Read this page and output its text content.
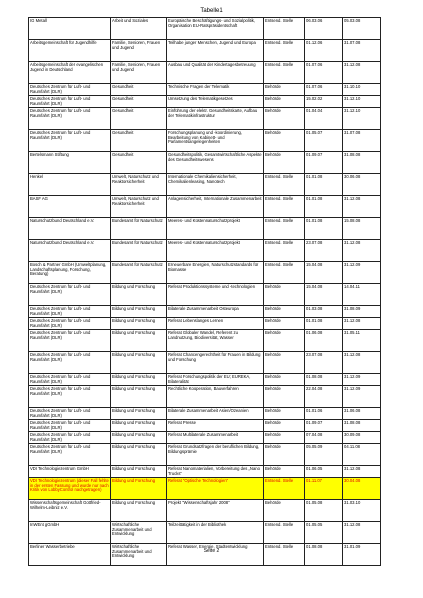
Tabelle1
IG Metall	Arbeit und Soziales	Europäische Beschäftigungs- und Sozialpolitik, Organisation EU-Ratspräsidentschaft	Entsend. Stelle	06.03.06	05.03.08
Arbeitsgemeinschaft für Jugendhilfe	Familie, Senioren, Frauen und Jugend	Teilhabe junger Menschen, Jugend und Europa	Entsend. Stelle	01.12.06	31.07.08
Arbeitsgemeinschaft der evangelischen Jugend in Deutschland	Familie, Senioren, Frauen und Jugend	Ausbau und Qualität der Kindertagesbetreuung	Entsend. Stelle	01.07.06	31.12.08
Deutsches Zentrum für Luft- und Raumfahrt (DLR)	Gesundheit	Technische Fragen der Telematik	Behörde	01.07.06	31.10.10
Deutsches Zentrum für Luft- und Raumfahrt (DLR)	Gesundheit	Umsetzung des Telematikgesetzes	Behörde	15.02.02	31.12.10
Deutsches Zentrum für Luft- und Raumfahrt (DLR)	Gesundheit	Einführung der elektr. Gesundheitskarte, Aufbau der Telematikinfrastruktur	Behörde	01.04.04	31.12.10
Deutsches Zentrum für Luft- und Raumfahrt (DLR)	Gesundheit	Forschungsplanung und -koordinierung, Bearbeitung von Kabinett- und Parlamentsangelegenheiten	Behörde	01.05.07	31.07.08
Bertelsmann Stiftung	Gesundheit	Gesundheitspolitik, Gesamtwirtschaftliche Aspekte des Gesundheitswesens	Behörde	01.09.07	31.08.08
Henkel	Umwelt, Naturschutz und Reaktorsicherheit	Internationale Chemikaliensicherheit, Chemikalienleasing, Nanotech	Entsend. Stelle	01.01.08	30.06.08
BASF AG	Umwelt, Naturschutz und Reaktorsicherheit	Anlagensicherheit, Internationale Zusammenarbeit	Entsend. Stelle	01.01.08	31.12.08
Naturschutzbund Deutschland e.V.	Bundesamt für Naturschutz	Meeres- und Küstennaturschutzprojekt	Entsend. Stelle	01.01.08	15.08.08
Naturschutzbund Deutschland e.V.	Bundesamt für Naturschutz	Meeres- und Küstennaturschutzprojekt	Entsend. Stelle	23.07.08	31.12.08
Bosch & Partner GmbH (Umweltplanung, Landschaftsplanung, Forschung, Beratung)	Bundesamt für Naturschutz	Erneuerbare Energien, Naturschutzstandards für Biomasse	Entsend. Stelle	15.04.08	31.12.09
Deutsches Zentrum für Luft- und Raumfahrt (DLR)	Bildung und Forschung	Referat Produktionssysteme und -technologien	Behörde	15.04.08	14.04.11
Deutsches Zentrum für Luft- und Raumfahrt (DLR)	Bildung und Forschung	Bilaterale Zusammenarbeit Osteuropa	Behörde	01.03.08	31.08.09
Deutsches Zentrum für Luft- und Raumfahrt (DLR)	Bildung und Forschung	Referat Lebenslanges Lernen	Behörde	01.01.08	31.12.08
Deutsches Zentrum für Luft- und Raumfahrt (DLR)	Bildung und Forschung	Referat Globaler Wandel, Referent zu Landnutzung, Biodiversität, Wasser	Behörde	01.06.08	31.05.11
Deutsches Zentrum für Luft- und Raumfahrt (DLR)	Bildung und Forschung	Referat Chancengerechtheit für Frauen in Bildung und Forschung	Behörde	23.07.08	31.12.08
Deutsches Zentrum für Luft- und Raumfahrt (DLR)	Bildung und Forschung	Referat Forschungspolitik der EU; EUREKA, Bilateralität	Behörde	01.08.08	31.12.09
Deutsches Zentrum für Luft- und Raumfahrt (DLR)	Bildung und Forschung	Rechtliche Kooperation, Bauverfahren	Behörde	22.04.08	31.12.09
Deutsches Zentrum für Luft- und Raumfahrt (DLR)	Bildung und Forschung	Bilaterale Zusammenarbeit Asien/Ozeanien	Behörde	01.01.06	31.06.08
Deutsches Zentrum für Luft- und Raumfahrt (DLR)	Bildung und Forschung	Referat Presse	Behörde	01.09.07	31.08.08
Deutsches Zentrum für Luft- und Raumfahrt (DLR)	Bildung und Forschung	Referat Multilaterale Zusammenarbeit	Behörde	07.04.08	30.09.08
Deutsches Zentrum für Luft- und Raumfahrt (DLR)	Bildung und Forschung	Referat Grundsatzfragen der beruflichen Bildung, Bildungsprämie	Behörde	05.05.09	04.11.08
VDI Technologiezentrum GmbH	Bildung und Forschung	Referat Nanomaterialien, Vorbereitung des „Nano Trucks“	Behörde	01.06.05	31.12.08
VDI Technologiezentrum (dieser Fall fehlte in der ersten Fassung und wurde nur nach Kritik von LobbyControl nachgetragen)	Bildung und Forschung	Referat "Optische Technologien"	Entsend. Stelle	01.11.07	30.04.08
Wissenschaftsgemeinschaft Gottfried-Wilhelm-Leibniz e.V.	Bildung und Forschung	Projekt "Wissenschaftsjahr 2008"	Behörde	01.05.08	31.03.10
InWEnt gGmbH	Wirtschaftliche Zusammenarbeit und Entwicklung	Teilzeittätigkeit in der Bibliothek	Entsend. Stelle	01.05.05	31.12.08
Berliner Wasserbetriebe	Wirtschaftliche Zusammenarbeit und Entwicklung	Referat Wasser, Energie, Stadtentwicklung	Entsend. Stelle	01.08.08	31.01.09
Seite 2
